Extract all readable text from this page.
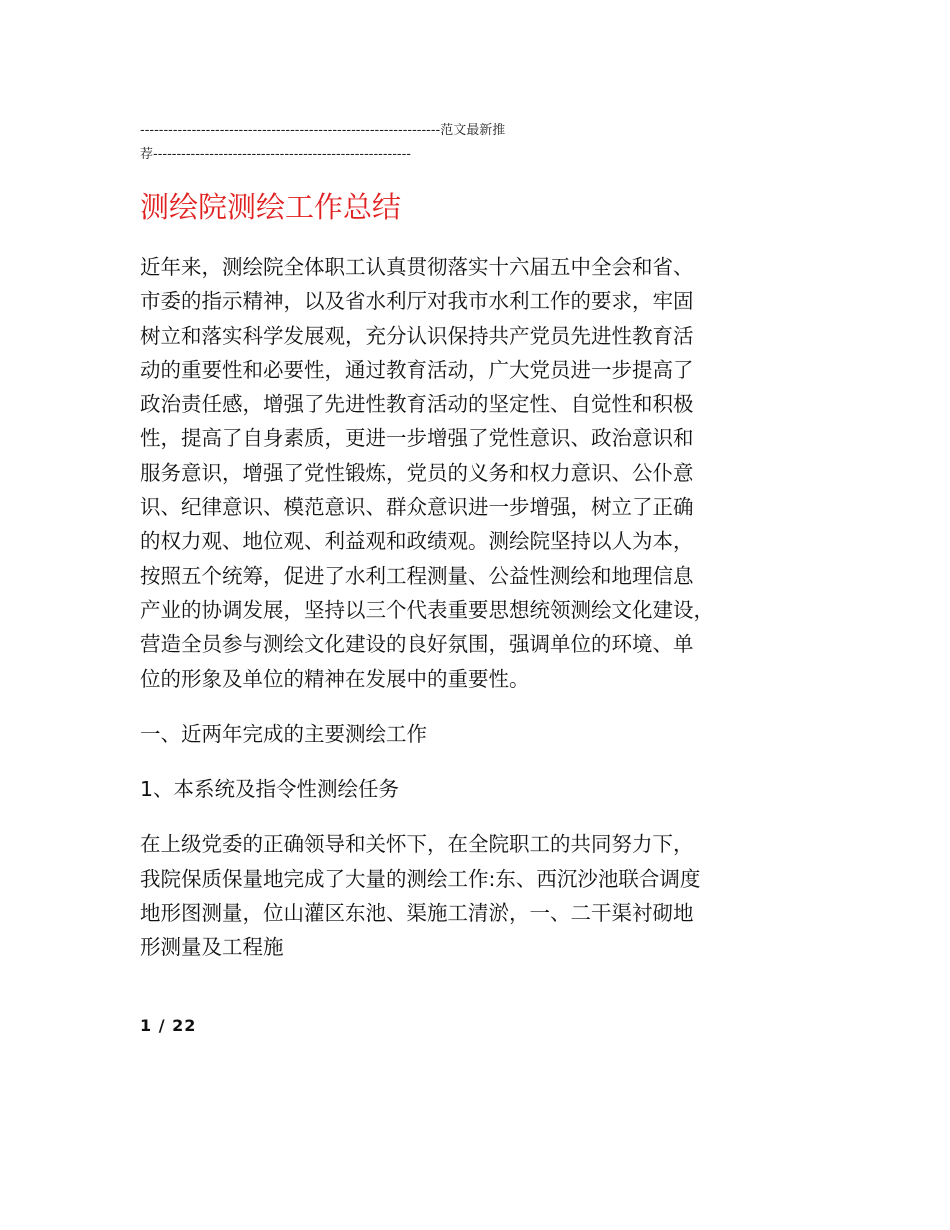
----------------------------------------------------------------范文最新推
荐-------------------------------------------------------
测绘院测绘工作总结

近年来，测绘院全体职工认真贯彻落实十六届五中全会和省、
市委的指示精神，以及省水利厅对我市水利工作的要求，牢固
树立和落实科学发展观，充分认识保持共产党员先进性教育活
动的重要性和必要性，通过教育活动，广大党员进一步提高了
政治责任感，增强了先进性教育活动的坚定性、自觉性和积极
性，提高了自身素质，更进一步增强了党性意识、政治意识和
服务意识，增强了党性锻炼，党员的义务和权力意识、公仆意
识、纪律意识、模范意识、群众意识进一步增强，树立了正确
的权力观、地位观、利益观和政绩观。测绘院坚持以人为本，
按照五个统筹，促进了水利工程测量、公益性测绘和地理信息
产业的协调发展，坚持以三个代表重要思想统领测绘文化建设，
营造全员参与测绘文化建设的良好氛围，强调单位的环境、单
位的形象及单位的精神在发展中的重要性。

一、近两年完成的主要测绘工作

1、本系统及指令性测绘任务

在上级党委的正确领导和关怀下，在全院职工的共同努力下，
我院保质保量地完成了大量的测绘工作:东、西沉沙池联合调度
地形图测量，位山灌区东池、渠施工清淤，一、二干渠衬砌地
形测量及工程施

1 / 22
